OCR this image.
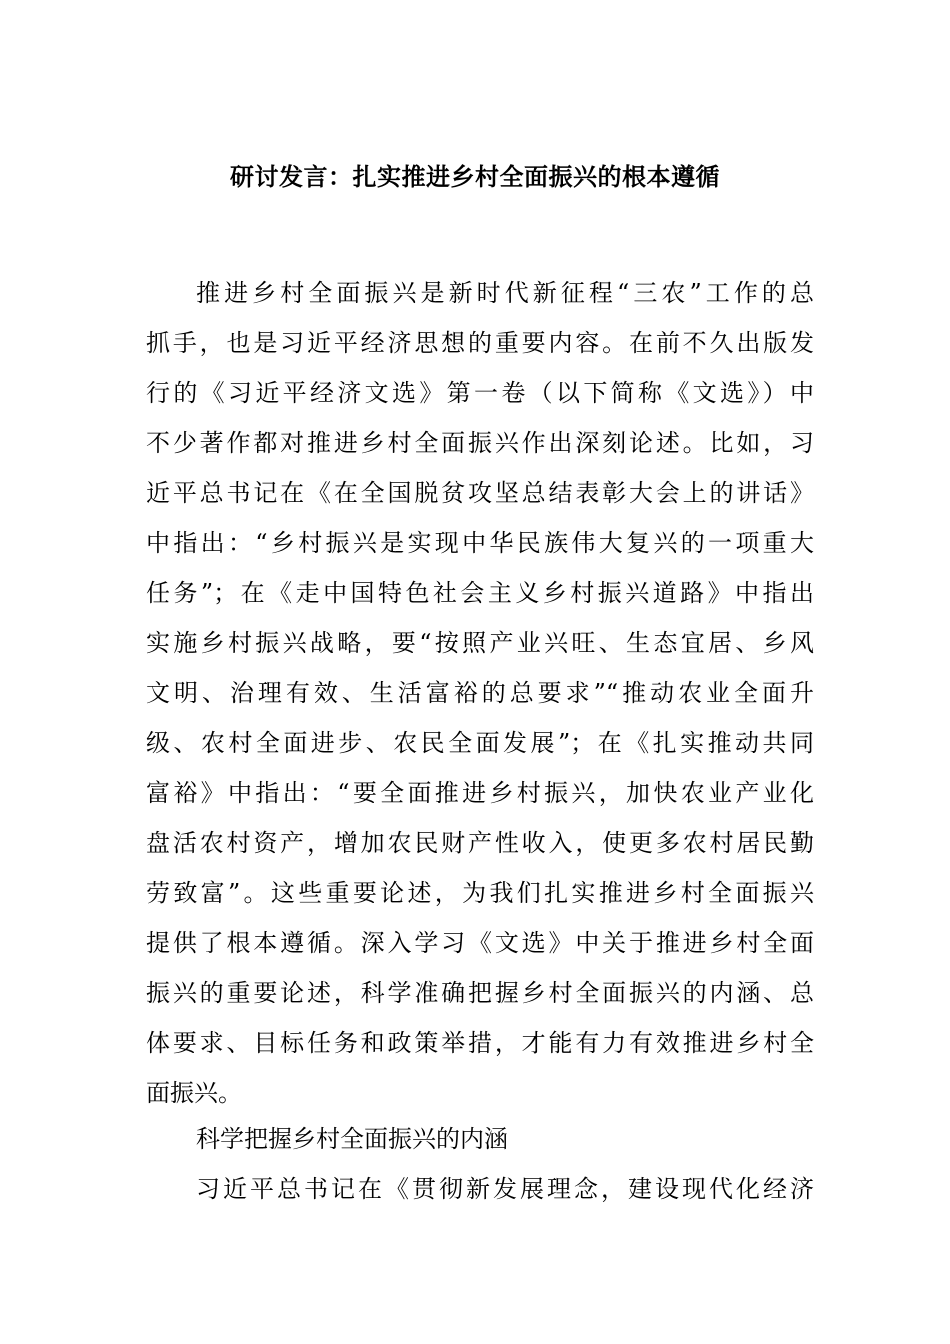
研讨发言：扎实推进乡村全面振兴的根本遵循
推进乡村全面振兴是新时代新征程“三农”工作的总
抓手，也是习近平经济思想的重要内容。在前不久出版发
行的《习近平经济文选》第一卷（以下简称《文选》）中
不少著作都对推进乡村全面振兴作出深刻论述。比如，习
近平总书记在《在全国脱贫攻坚总结表彰大会上的讲话》
中指出：“乡村振兴是实现中华民族伟大复兴的一项重大
任务”；在《走中国特色社会主义乡村振兴道路》中指出
实施乡村振兴战略，要“按照产业兴旺、生态宜居、乡风
文明、治理有效、生活富裕的总要求”“推动农业全面升
级、农村全面进步、农民全面发展”；在《扎实推动共同
富裕》中指出：“要全面推进乡村振兴，加快农业产业化
盘活农村资产，增加农民财产性收入，使更多农村居民勤
劳致富”。这些重要论述，为我们扎实推进乡村全面振兴
提供了根本遵循。深入学习《文选》中关于推进乡村全面
振兴的重要论述，科学准确把握乡村全面振兴的内涵、总
体要求、目标任务和政策举措，才能有力有效推进乡村全
面振兴。
科学把握乡村全面振兴的内涵
习近平总书记在《贯彻新发展理念，建设现代化经济
